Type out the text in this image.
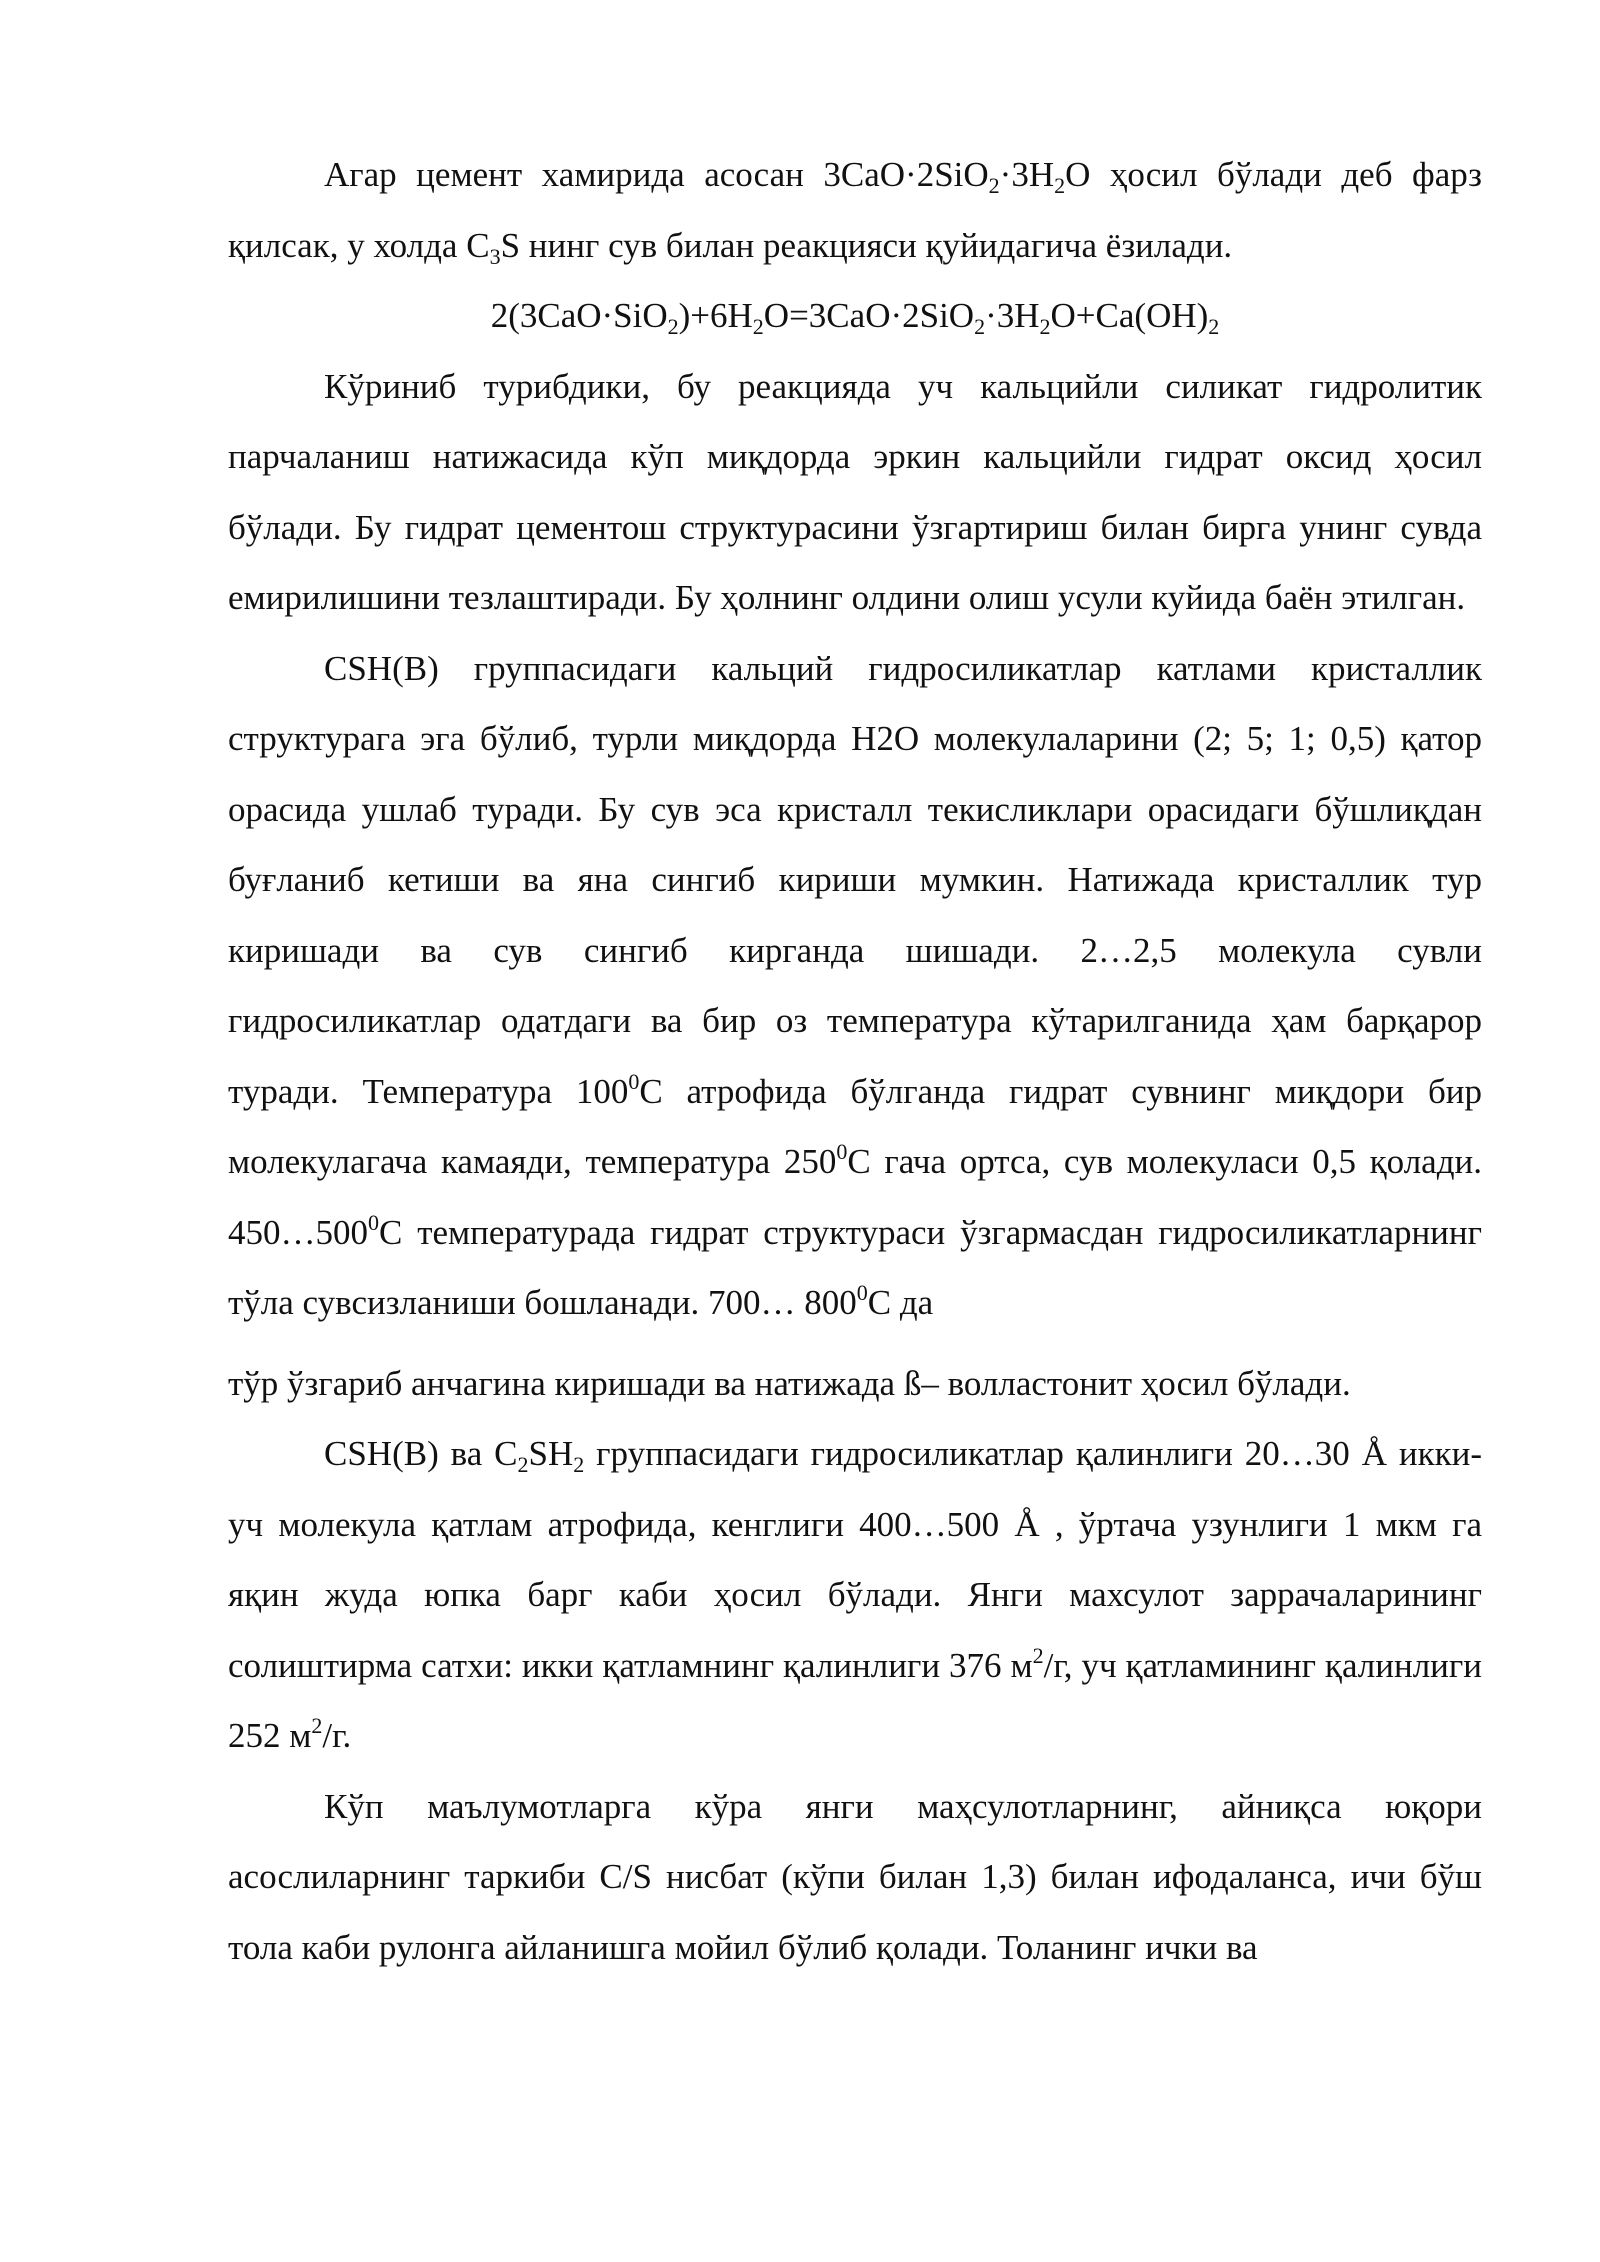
Агар цемент хамирида асосан $3CaO\cdot 2SiO_2\cdot 3H_2O$ ҳосил бўлади деб фарз қилсак, у холда $C_3S$ нинг сув билан реакцияси қуйидагича ёзилади.

$2(3CaO\cdot SiO_2)+6H_2O=3CaO\cdot 2SiO_2\cdot 3H_2O+Ca(OH)_2$

Кўриниб турибдики, бу реакцияда уч кальцийли силикат гидролитик парчаланиш натижасида кўп миқдорда эркин кальцийли гидрат оксид ҳосил бўлади. Бу гидрат цементош структурасини ўзгартириш билан бирга унинг сувда емирилишини тезлаштиради. Бу ҳолнинг олдини олиш усули куйида баён этилган.

CSH(B) группасидаги кальций гидросиликатлар катлами кристаллик структурага эга бўлиб, турли миқдорда H2O молекулаларини (2; 5; 1; 0,5) қатор орасида ушлаб туради. Бу сув эса кристалл текисликлари орасидаги бўшлиқдан буғланиб кетиши ва яна сингиб кириши мумкин. Натижада кристаллик тур киришади ва сув сингиб кирганда шишади. 2…2,5 молекула сувли гидросиликатлар одатдаги ва бир оз температура кўтарилганида ҳам барқарор туради. Температура $100^0C$ атрофида бўлганда гидрат сувнинг миқдори бир молекулагача камаяди, температура $250^0C$ гача ортса, сув молекуласи 0,5 қолади. $450\dots 500^0C$ температурада гидрат структураси ўзгармасдан гидросиликатларнинг тўла сувсизланиши бошланади. 700… $800^0C$ да

тўр ўзгариб анчагина киришади ва натижада ß– волластонит ҳосил бўлади.

CSH(B) ва $C_2SH_2$ группасидаги гидросиликатлар қалинлиги 20…30 Å икки-уч молекула қатлам атрофида, кенглиги 400…500 Å , ўртача узунлиги 1 мкм га яқин жуда юпка барг каби ҳосил бўлади. Янги махсулот заррачаларининг солиштирма сатхи: икки қатламнинг қалинлиги 376 $м^2/г$, уч қатламининг қалинлиги 252 $м^2/г$.

Кўп маълумотларга кўра янги маҳсулотларнинг, айниқса юқори асослиларнинг таркиби C/S нисбат (кўпи билан 1,3) билан ифодаланса, ичи бўш тола каби рулонга айланишга мойил бўлиб қолади. Толанинг ички ва
